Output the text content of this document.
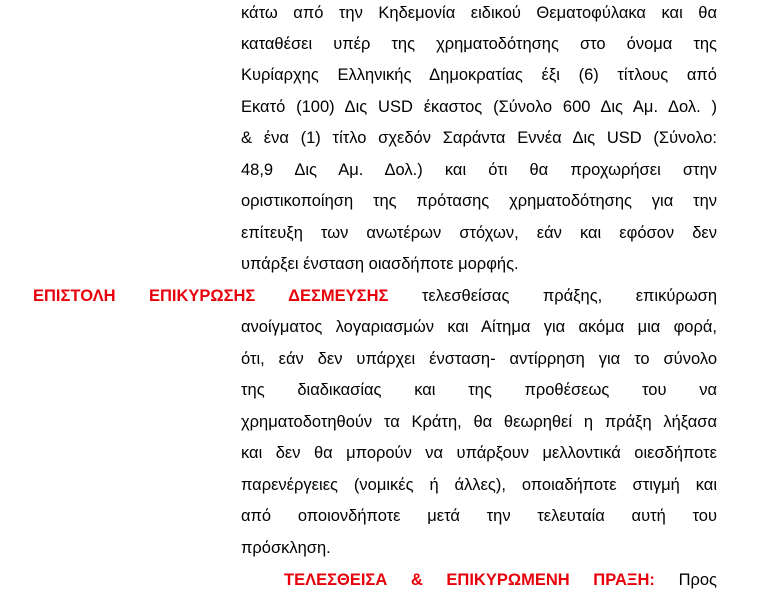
κάτω από την Κηδεμονία ειδικού Θεματοφύλακα και θα
καταθέσει υπέρ της χρηματοδότησης στο όνομα της
Κυρίαρχης Ελληνικής Δημοκρατίας έξι (6) τίτλους από
Εκατό (100) Δις USD έκαστος (Σύνολο 600 Δις Αμ. Δολ. )
& ένα (1) τίτλο σχεδόν Σαράντα Εννέα Δις USD (Σύνολο:
48,9 Δις Αμ. Δολ.) και ότι θα προχωρήσει στην
οριστικοποίηση της πρότασης χρηματοδότησης για την
επίτευξη των ανωτέρων στόχων, εάν και εφόσον δεν
υπάρξει ένσταση οιασδήποτε μορφής.
ΕΠΙΣΤΟΛΗ ΕΠΙΚΥΡΩΣΗΣ ΔΕΣΜΕΥΣΗΣ τελεσθείσας πράξης, επικύρωση
ανοίγματος λογαριασμών και Αίτημα για ακόμα μια φορά,
ότι, εάν δεν υπάρχει ένσταση- αντίρρηση για το σύνολο
της διαδικασίας και της προθέσεως του να
χρηματοδοτηθούν τα Κράτη, θα θεωρηθεί η πράξη λήξασα
και δεν θα μπορούν να υπάρξουν μελλοντικά οιεσδήποτε
παρενέργειες (νομικές ή άλλες), οποιαδήποτε στιγμή και
από οποιονδήποτε μετά την τελευταία αυτή του
πρόσκληση.
ΤΕΛΕΣΘΕΙΣΑ & ΕΠΙΚΥΡΩΜΕΝΗ ΠΡΑΞΗ: Προς
